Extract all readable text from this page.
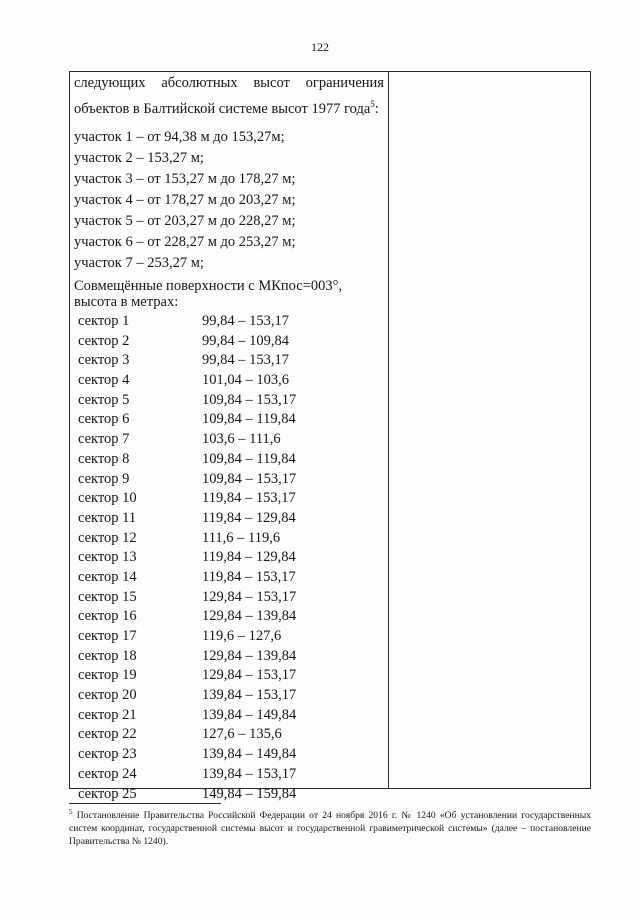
122
следующих абсолютных высот ограничения
объектов в Балтийской системе высот 1977 года$^5$:
участок 1 – от 94,38 м до 153,27м;
участок 2 – 153,27 м;
участок 3 – от 153,27 м до 178,27 м;
участок 4 – от 178,27 м до 203,27 м;
участок 5 – от 203,27 м до 228,27 м;
участок 6 – от 228,27 м до 253,27 м;
участок 7 – 253,27 м;
Совмещённые поверхности с МКпос=003°,
высота в метрах:
сектор 1	99,84 – 153,17
сектор 2	99,84 – 109,84
сектор 3	99,84 – 153,17
сектор 4	101,04 – 103,6
сектор 5	109,84 – 153,17
сектор 6	109,84 – 119,84
сектор 7	103,6 – 111,6
сектор 8	109,84 – 119,84
сектор 9	109,84 – 153,17
сектор 10	119,84 – 153,17
сектор 11	119,84 – 129,84
сектор 12	111,6 – 119,6
сектор 13	119,84 – 129,84
сектор 14	119,84 – 153,17
сектор 15	129,84 – 153,17
сектор 16	129,84 – 139,84
сектор 17	119,6 – 127,6
сектор 18	129,84 – 139,84
сектор 19	129,84 – 153,17
сектор 20	139,84 – 153,17
сектор 21	139,84 – 149,84
сектор 22	127,6 – 135,6
сектор 23	139,84 – 149,84
сектор 24	139,84 – 153,17
сектор 25	149,84 – 159,84
$^5$ Постановление Правительства Российской Федерации от 24 ноября 2016 г. № 1240 «Об установлении государственных систем координат, государственной системы высот и государственной гравиметрической системы» (далее – постановление Правительства № 1240).
